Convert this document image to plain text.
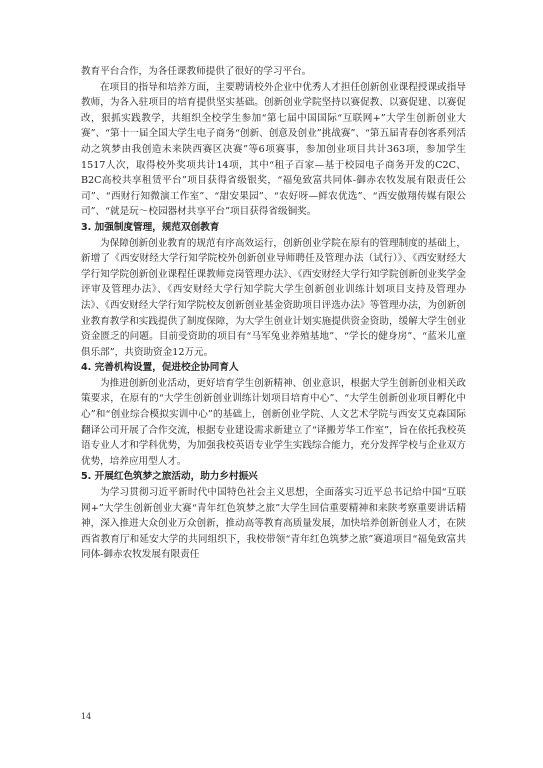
教育平台合作，为各任课教师提供了很好的学习平台。

在项目的指导和培养方面，主要聘请校外企业中优秀人才担任创新创业课程授课或指导教师，为各入驻项目的培育提供坚实基础。创新创业学院坚持以赛促教、以赛促建、以赛促改，狠抓实践教学，共组织全校学生参加“第七届中国国际“互联网+”大学生创新创业大赛”、“第十一届全国大学生电子商务“创新、创意及创业”挑战赛”、“第五届青春创客系列活动之筑梦由我创造未来陕西赛区决赛”等6项赛事，参加创业项目共计363项，参加学生1517人次，取得校外奖项共计14项，其中“租子百家—基于校园电子商务开发的C2C、B2C高校共享租赁平台”项目获得省级银奖，“福兔致富共同体-御赤农牧发展有限责任公司”、“西财行知微演工作室”、“甜安果园”、“农好呀—鲜农优选”、“西安傲翔传媒有限公司”、“就是玩～校园器材共享平台”项目获得省级铜奖。

3. 加强制度管理，规范双创教育

为保障创新创业教育的规范有序高效运行，创新创业学院在原有的管理制度的基础上，新增了《西安财经大学行知学院校外创新创业导师聘任及管理办法（试行）》、《西安财经大学行知学院创新创业课程任课教师竞岗管理办法》、《西安财经大学行知学院创新创业奖学金评审及管理办法》、《西安财经大学行知学院大学生创新创业训练计划项目支持及管理办法》、《西安财经大学行知学院校友创新创业基金资助项目评选办法》等管理办法，为创新创业教育教学和实践提供了制度保障，为大学生创业计划实施提供资金资助，缓解大学生创业资金匮乏的问题。目前受资助的项目有“马军兔业养殖基地”、“学长的健身房”、“蓝米儿童俱乐部”，共资助资金12万元。

4. 完善机构设置，促进校企协同育人

为推进创新创业活动，更好培育学生创新精神、创业意识，根据大学生创新创业相关政策要求，在原有的“大学生创新创业训练计划项目培育中心”、“大学生创新创业项目孵化中心”和“创业综合模拟实训中心”的基础上，创新创业学院、人文艺术学院与西安艾克森国际翻译公司开展了合作交流，根据专业建设需求新建立了“译搬芳华工作室”，旨在依托我校英语专业人才和学科优势，为加强我校英语专业学生实践综合能力，充分发挥学校与企业双方优势，培养应用型人才。

5. 开展红色筑梦之旅活动，助力乡村振兴

为学习贯彻习近平新时代中国特色社会主义思想，全面落实习近平总书记给中国“互联网+”大学生创新创业大赛“青年红色筑梦之旅”大学生回信重要精神和来陕考察重要讲话精神，深入推进大众创业万众创新，推动高等教育高质量发展，加快培养创新创业人才，在陕西省教育厅和延安大学的共同组织下，我校带领“青年红色筑梦之旅”赛道项目“福兔致富共同体-御赤农牧发展有限责任

14
